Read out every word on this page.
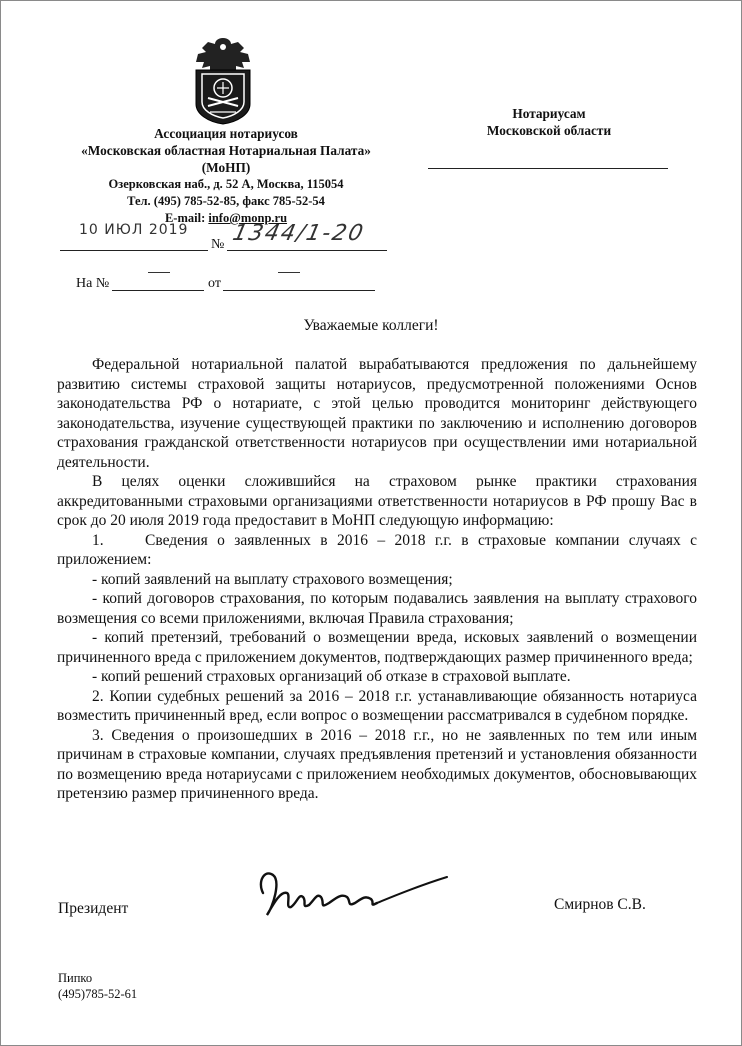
Ассоциация нотариусов
«Московская областная Нотариальная Палата»
(МоНП)
Озерковская наб., д. 52 А, Москва, 115054
Тел. (495) 785-52-85, факс 785-52-54
E-mail: info@monp.ru
Нотариусам
Московской области
10 ИЮЛ 2019
№ 1344/1-20
На №	от
Уважаемые коллеги!

Федеральной нотариальной палатой вырабатываются предложения по дальнейшему развитию системы страховой защиты нотариусов, предусмотренной положениями Основ законодательства РФ о нотариате, с этой целью проводится мониторинг действующего законодательства, изучение существующей практики по заключению и исполнению договоров страхования гражданской ответственности нотариусов при осуществлении ими нотариальной деятельности.

В целях оценки сложившийся на страховом рынке практики страхования аккредитованными страховыми организациями ответственности нотариусов в РФ прошу Вас в срок до 20 июля 2019 года предоставит в МоНП следующую информацию:

1.	Сведения о заявленных в 2016 – 2018 г.г. в страховые компании случаях с приложением:

- копий заявлений на выплату страхового возмещения;

- копий договоров страхования, по которым подавались заявления на выплату страхового возмещения со всеми приложениями, включая Правила страхования;

- копий претензий, требований о возмещении вреда, исковых заявлений о возмещении причиненного вреда с приложением документов, подтверждающих размер причиненного вреда;

- копий решений страховых организаций об отказе в страховой выплате.

2. Копии судебных решений за 2016 – 2018 г.г. устанавливающие обязанность нотариуса возместить причиненный вред, если вопрос о возмещении рассматривался в судебном порядке.

3. Сведения о произошедших в 2016 – 2018 г.г., но не заявленных по тем или иным причинам в страховые компании, случаях предъявления претензий и установления обязанности по возмещению вреда нотариусами с приложением необходимых документов, обосновывающих претензию размер причиненного вреда.

Президент	Смирнов С.В.
Пипко
(495)785-52-61
